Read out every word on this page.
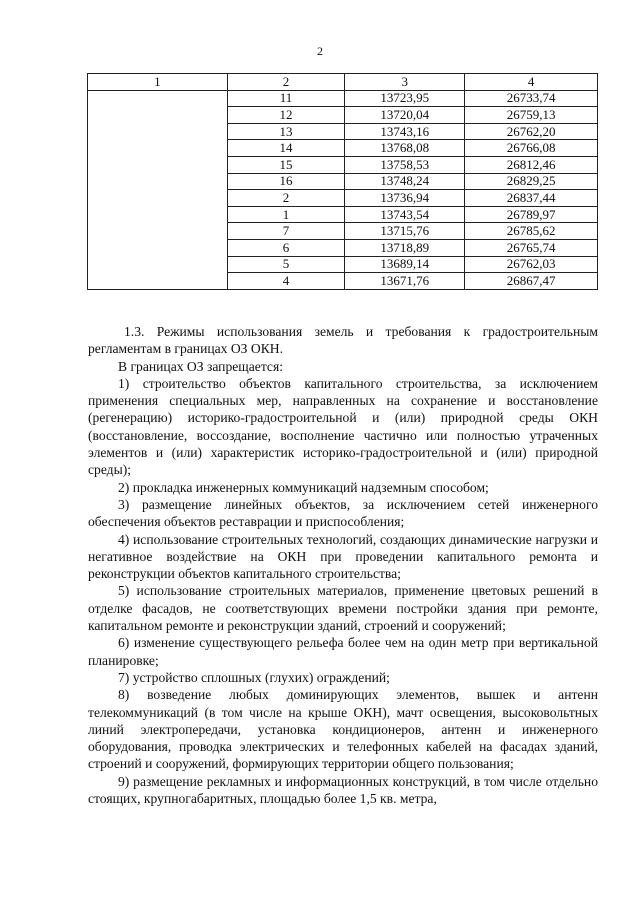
2
1	2	3	4
	11	13723,95	26733,74
	12	13720,04	26759,13
	13	13743,16	26762,20
	14	13768,08	26766,08
	15	13758,53	26812,46
	16	13748,24	26829,25
	2	13736,94	26837,44
	1	13743,54	26789,97
	7	13715,76	26785,62
	6	13718,89	26765,74
	5	13689,14	26762,03
	4	13671,76	26867,47

1.3. Режимы использования земель и требования к градостроительным регламентам в границах ОЗ ОКН.

В границах ОЗ запрещается:

1) строительство объектов капитального строительства, за исключением применения специальных мер, направленных на сохранение и восстановление (регенерацию) историко-градостроительной и (или) природной среды ОКН (восстановление, воссоздание, восполнение частично или полностью утраченных элементов и (или) характеристик историко-градостроительной и (или) природной среды);

2) прокладка инженерных коммуникаций надземным способом;

3) размещение линейных объектов, за исключением сетей инженерного обеспечения объектов реставрации и приспособления;

4) использование строительных технологий, создающих динамические нагрузки и негативное воздействие на ОКН при проведении капитального ремонта и реконструкции объектов капитального строительства;

5) использование строительных материалов, применение цветовых решений в отделке фасадов, не соответствующих времени постройки здания при ремонте, капитальном ремонте и реконструкции зданий, строений и сооружений;

6) изменение существующего рельефа более чем на один метр при вертикальной планировке;

7) устройство сплошных (глухих) ограждений;

8) возведение любых доминирующих элементов, вышек и антенн телекоммуникаций (в том числе на крыше ОКН), мачт освещения, высоковольтных линий электропередачи, установка кондиционеров, антенн и инженерного оборудования, проводка электрических и телефонных кабелей на фасадах зданий, строений и сооружений, формирующих территории общего пользования;

9) размещение рекламных и информационных конструкций, в том числе отдельно стоящих, крупногабаритных, площадью более 1,5 кв. метра,
